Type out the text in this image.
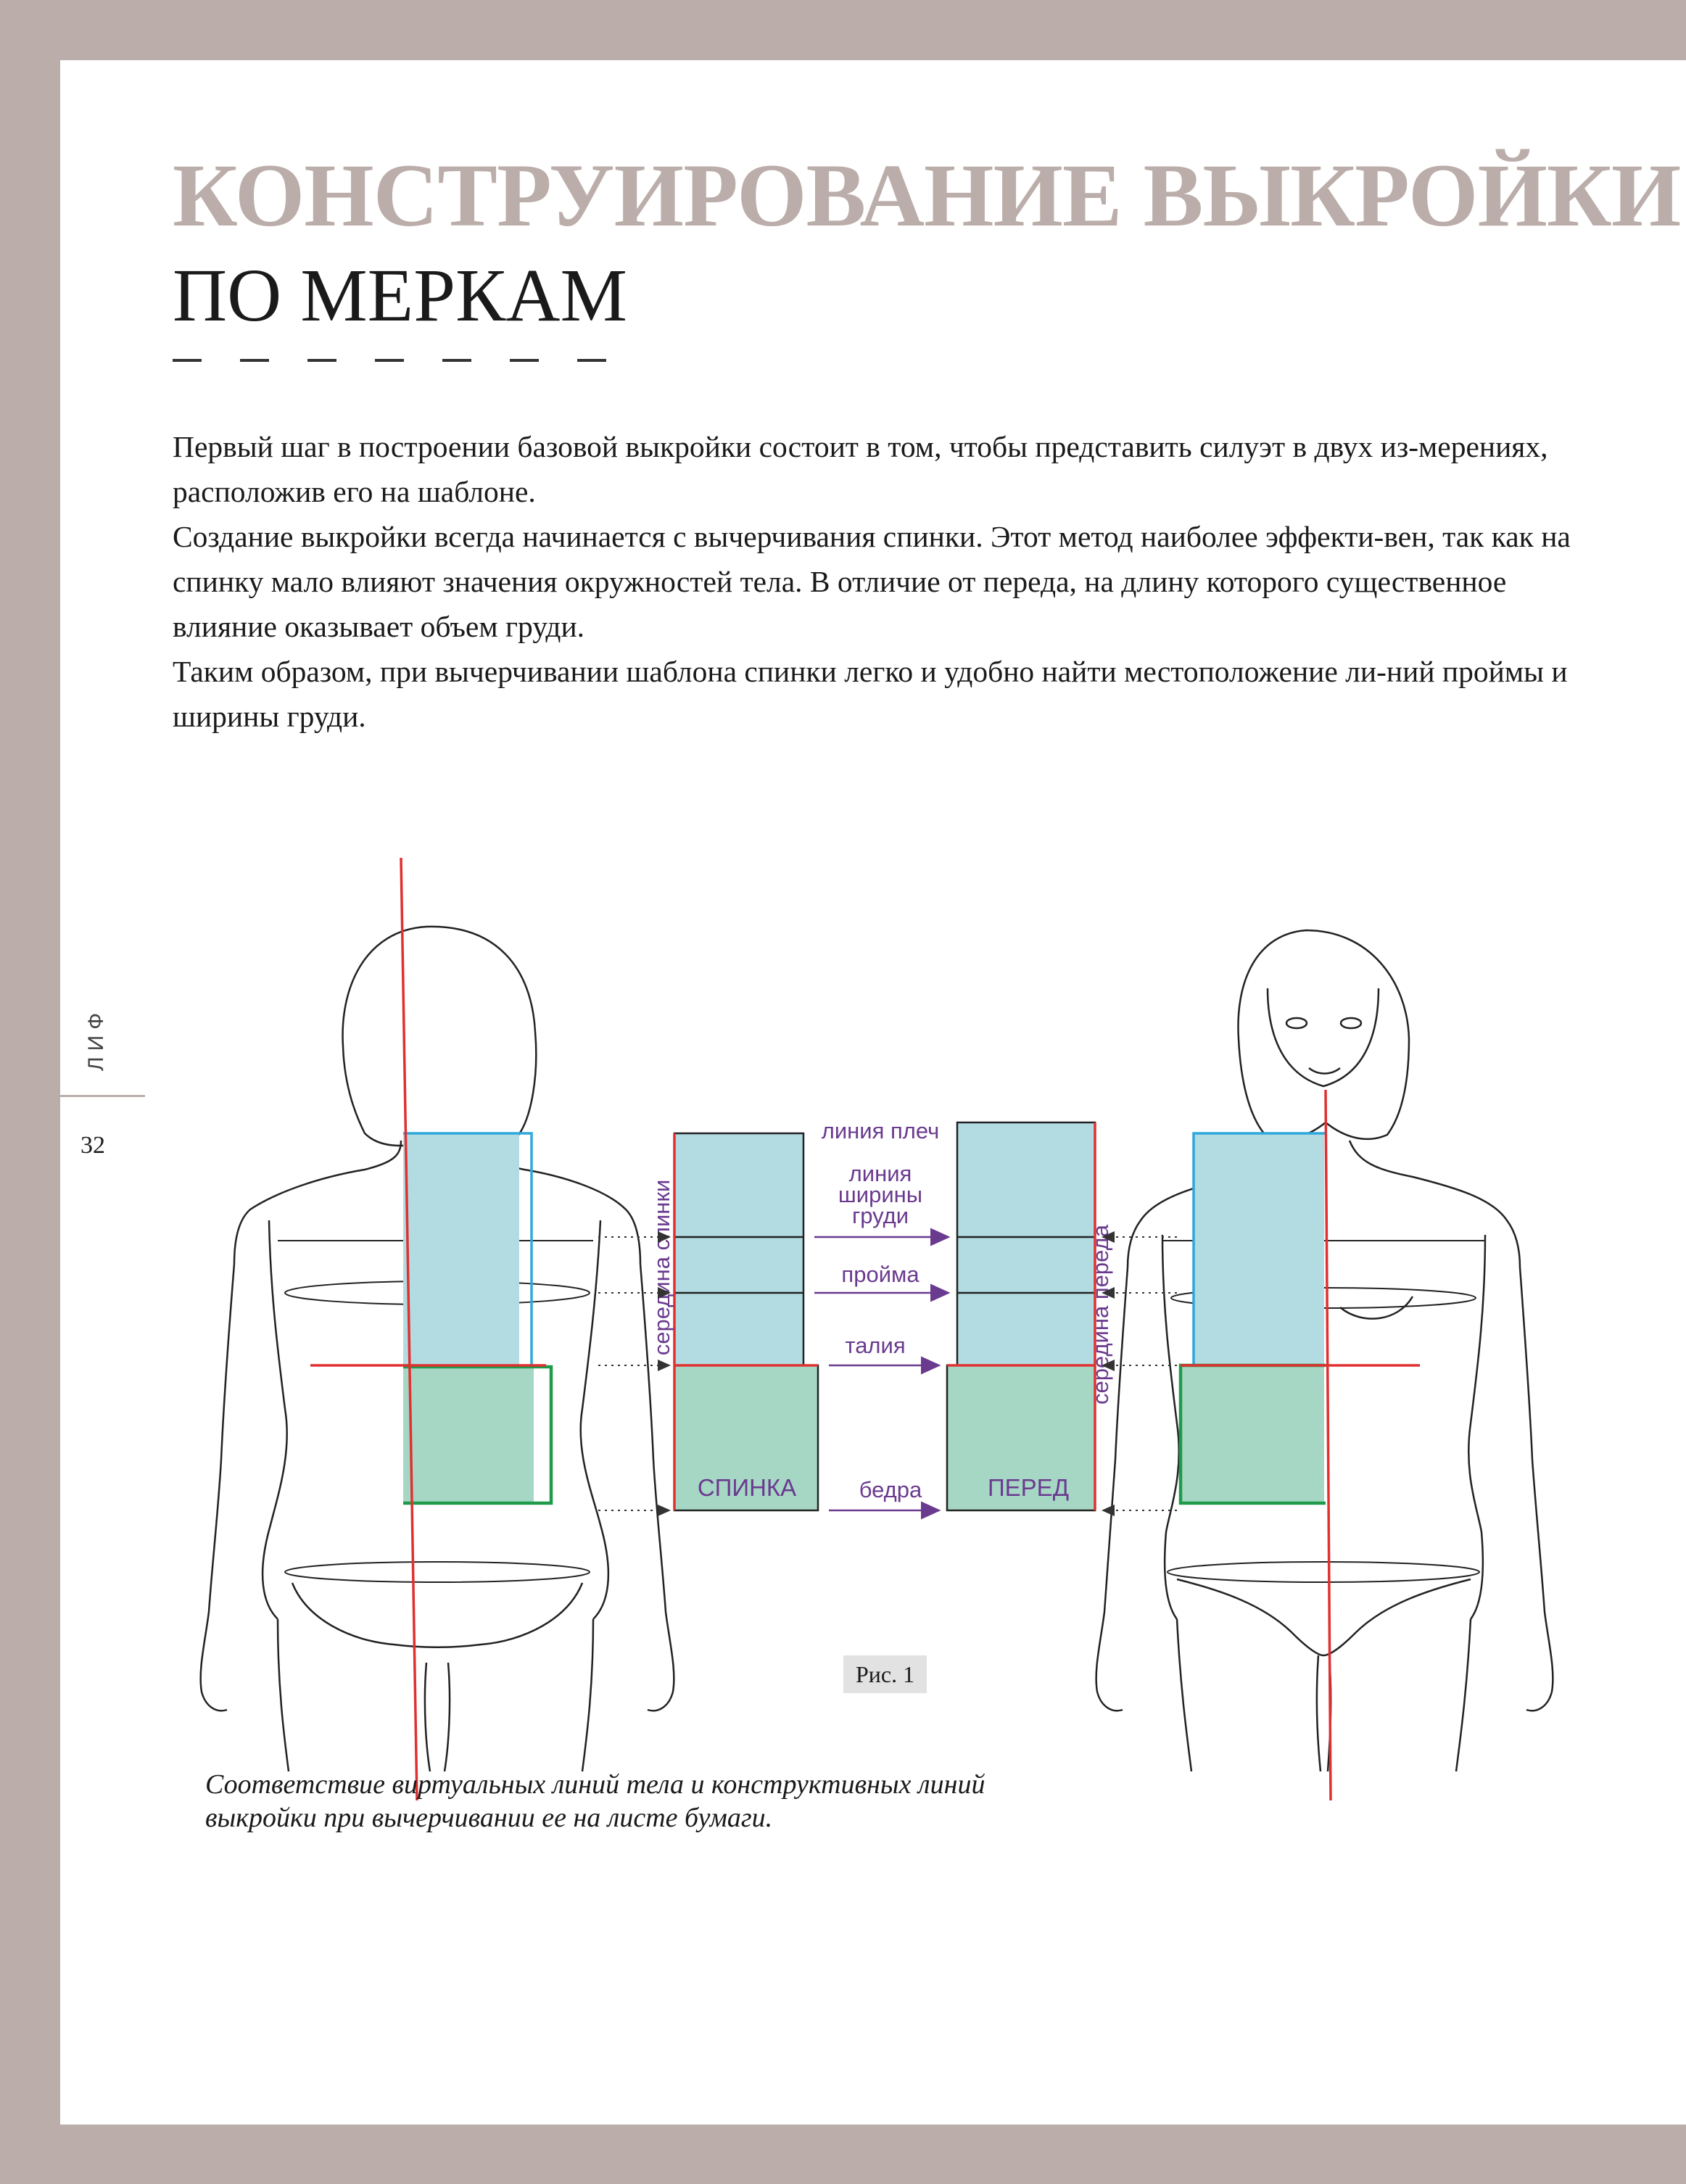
КОНСТРУИРОВАНИЕ ВЫКРОЙКИ
ПО МЕРКАМ

Первый шаг в построении базовой выкройки состоит в том, чтобы представить силуэт в двух из-мерениях, расположив его на шаблоне.

Создание выкройки всегда начинается с вычерчивания спинки. Этот метод наиболее эффекти-вен, так как на спинку мало влияют значения окружностей тела. В отличие от переда, на длину которого существенное влияние оказывает объем груди.

Таким образом, при вычерчивании шаблона спинки легко и удобно найти местоположение ли-ний проймы и ширины груди.

ЛИФ
32
СПИНКА
середина спинки
ПЕРЕД
середина переда
линия плеч
линия
ширины
груди
пройма
талия
бедра
Рис. 1

Соответствие виртуальных линий тела и конструктивных линий

выкройки при вычерчивании ее на листе бумаги.
